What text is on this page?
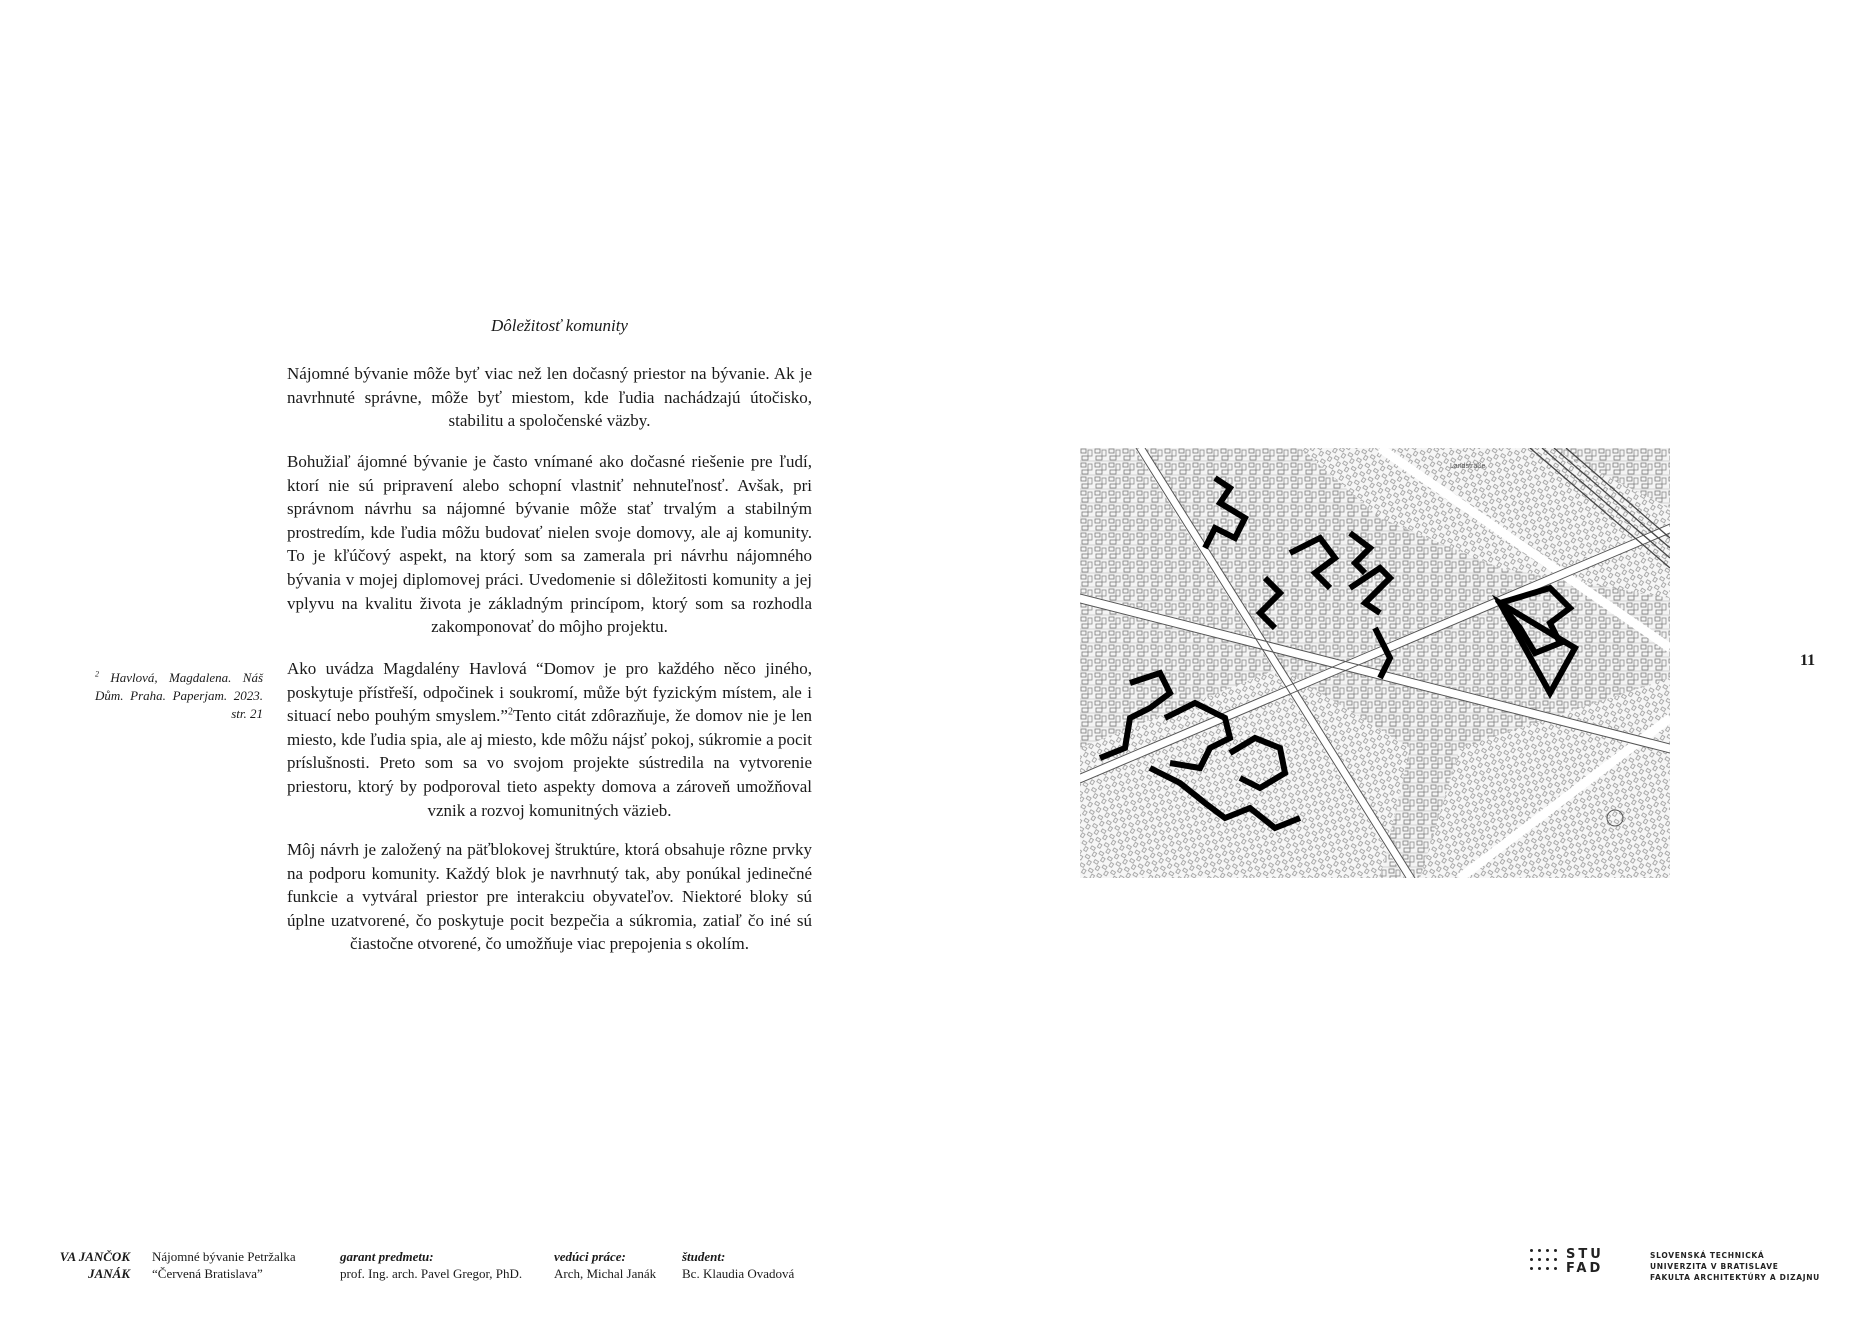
Dôležitosť komunity

Nájomné bývanie môže byť viac než len dočasný priestor na bývanie. Ak je navrhnuté správne, môže byť miestom, kde ľudia nachádzajú útočisko, stabilitu a spoločenské väzby.

Bohužiaľ ájomné bývanie je často vnímané ako dočasné riešenie pre ľudí, ktorí nie sú pripravení alebo schopní vlastniť nehnuteľnosť. Avšak, pri správnom návrhu sa nájomné bývanie môže stať trvalým a stabilným prostredím, kde ľudia môžu budovať nielen svoje domovy, ale aj komunity. To je kľúčový aspekt, na ktorý som sa zamerala pri návrhu nájomného bývania v mojej diplomovej práci. Uvedomenie si dôležitosti komunity a jej vplyvu na kvalitu života je základným princípom, ktorý som sa rozhodla zakomponovať do môjho projektu.

Ako uvádza Magdalény Havlová “Domov je pro každého něco jiného, poskytuje přístřeší, odpočinek i soukromí, může být fyzickým místem, ale i situací nebo pouhým smyslem.”$^2$Tento citát zdôrazňuje, že domov nie je len miesto, kde ľudia spia, ale aj miesto, kde môžu nájsť pokoj, súkromie a pocit príslušnosti. Preto som sa vo svojom projekte sústredila na vytvorenie priestoru, ktorý by podporoval tieto aspekty domova a zároveň umožňoval vznik a rozvoj komunitných väzieb.

Môj návrh je založený na päťblokovej štruktúre, ktorá obsahuje rôzne prvky na podporu komunity. Každý blok je navrhnutý tak, aby ponúkal jedinečné funkcie a vytváral priestor pre interakciu obyvateľov. Niektoré bloky sú úplne uzatvorené, čo poskytuje pocit bezpečia a súkromia, zatiaľ čo iné sú čiastočne otvorené, čo umožňuje viac prepojenia s okolím.

$^2$ Havlová, Magdalena. Náš Dům. Praha. Paperjam. 2023. str. 21
11
Landstraße
VA JANČOK
JANÁK
Nájomné bývanie Petržalka
“Červená Bratislava”
garant predmetu:
prof. Ing. arch. Pavel Gregor, PhD.
vedúci práce:
Arch, Michal Janák
študent:
Bc. Klaudia Ovadová
STU
FAD
SLOVENSKÁ TECHNICKÁ
UNIVERZITA V BRATISLAVE
FAKULTA ARCHITEKTÚRY A DIZAJNU
